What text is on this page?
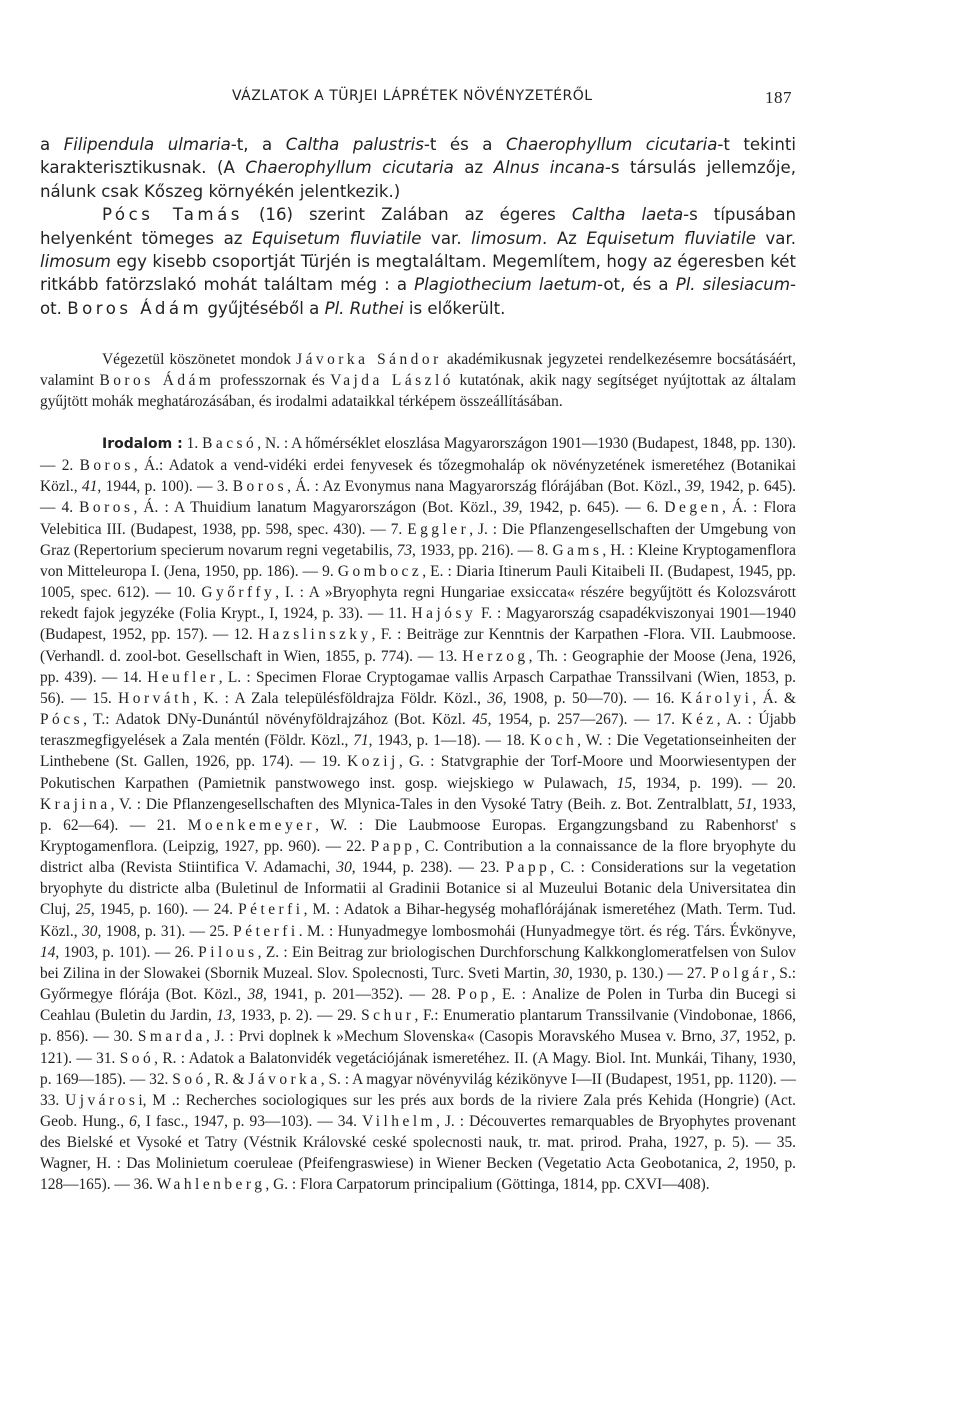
VÁZLATOK A TÜRJEI LÁPRÉTEK NÖVÉNYZETÉRŐL	187

a Filipendula ulmaria-t, a Caltha palustris-t és a Chaerophyllum cicutaria-t tekinti karakterisztikusnak. (A Chaerophyllum cicutaria az Alnus incana-s társulás jellemzője, nálunk csak Kőszeg környékén jelentkezik.)

Pócs Tamás (16) szerint Zalában az égeres Caltha laeta-s típusában helyenként tömeges az Equisetum fluviatile var. limosum. Az Equisetum fluviatile var. limosum egy kisebb csoportját Türjén is megtaláltam. Megemlítem, hogy az égeresben két ritkább fatörzslakó mohát találtam még : a Plagiothecium laetum-ot, és a Pl. silesiacum-ot. Boros Ádám gyűjtéséből a Pl. Ruthei is előkerült.

Végezetül köszönetet mondok Jávorka Sándor akadémikusnak jegyzetei rendelkezésemre bocsátásáért, valamint Boros Ádám professzornak és Vajda László kutatónak, akik nagy segítséget nyújtottak az általam gyűjtött mohák meghatározásában, és irodalmi adataikkal térképem összeállításában.

Irodalom : 1. Bacsó, N. : A hőmérséklet eloszlása Magyarországon 1901—1930 (Budapest, 1848, pp. 130). — 2. Boros, Á.: Adatok a vend-vidéki erdei fenyvesek és tőzegmohaláp ok növényzetének ismeretéhez (Botanikai Közl., 41, 1944, p. 100). — 3. Boros, Á. : Az Evonymus nana Magyarország flórájában (Bot. Közl., 39, 1942, p. 645). — 4. Boros, Á. : A Thuidium lanatum Magyarországon (Bot. Közl., 39, 1942, p. 645). — 6. Degen, Á. : Flora Velebitica III. (Budapest, 1938, pp. 598, spec. 430). — 7. Eggler, J. : Die Pflanzengesellschaften der Umgebung von Graz (Repertorium specierum novarum regni vegetabilis, 73, 1933, pp. 216). — 8. Gams, H. : Kleine Kryptogamenflora von Mitteleuropa I. (Jena, 1950, pp. 186). — 9. Gombocz, E. : Diaria Itinerum Pauli Kitaibeli II. (Budapest, 1945, pp. 1005, spec. 612). — 10. Győrffy, I. : A »Bryophyta regni Hungariae exsiccata« részére begyűjtött és Kolozsvárott rekedt fajok jegyzéke (Folia Krypt., I, 1924, p. 33). — 11. Hajósy F. : Magyarország csapadékviszonyai 1901—1940 (Budapest, 1952, pp. 157). — 12. Hazslinszky, F. : Beiträge zur Kenntnis der Karpathen -Flora. VII. Laubmoose. (Verhandl. d. zool-bot. Gesellschaft in Wien, 1855, p. 774). — 13. Herzog, Th. : Geographie der Moose (Jena, 1926, pp. 439). — 14. Heufler, L. : Specimen Florae Cryptogamae vallis Arpasch Carpathae Transsilvani (Wien, 1853, p. 56). — 15. Horváth, K. : A Zala településföldrajza Földr. Közl., 36, 1908, p. 50—70). — 16. Károlyi, Á. & Pócs, T.: Adatok DNy-Dunántúl növényföldrajzához (Bot. Közl. 45, 1954, p. 257—267). — 17. Kéz, A. : Újabb teraszmegfigyelések a Zala mentén (Földr. Közl., 71, 1943, p. 1—18). — 18. Koch, W. : Die Vegetationseinheiten der Linthebene (St. Gallen, 1926, pp. 174). — 19. Kozij, G. : Statvgraphie der Torf-Moore und Moorwiesentypen der Pokutischen Karpathen (Pamietnik panstwowego inst. gosp. wiejskiego w Pulawach, 15, 1934, p. 199). — 20. Krajina, V. : Die Pflanzengesellschaften des Mlynica-Tales in den Vysoké Tatry (Beih. z. Bot. Zentralblatt, 51, 1933, p. 62—64). — 21. Moenkemeyer, W. : Die Laubmoose Europas. Ergangzungsband zu Rabenhorst' s Kryptogamenflora. (Leipzig, 1927, pp. 960). — 22. Papp, C. Contribution a la connaissance de la flore bryophyte du district alba (Revista Stiintifica V. Adamachi, 30, 1944, p. 238). — 23. Papp, C. : Considerations sur la vegetation bryophyte du districte alba (Buletinul de Informatii al Gradinii Botanice si al Muzeului Botanic dela Universitatea din Cluj, 25, 1945, p. 160). — 24. Péterfi, M. : Adatok a Bihar-hegység mohaflórájának ismeretéhez (Math. Term. Tud. Közl., 30, 1908, p. 31). — 25. Péterfi. M. : Hunyadmegye lombosmohái (Hunyadmegye tört. és rég. Társ. Évkönyve, 14, 1903, p. 101). — 26. Pilous, Z. : Ein Beitrag zur briologischen Durchforschung Kalkkonglomeratfelsen von Sulov bei Zilina in der Slowakei (Sbornik Muzeal. Slov. Spolecnosti, Turc. Sveti Martin, 30, 1930, p. 130.) — 27. Polgár, S.: Győrmegye flórája (Bot. Közl., 38, 1941, p. 201—352). — 28. Pop, E. : Analize de Polen in Turba din Bucegi si Ceahlau (Buletin du Jardin, 13, 1933, p. 2). — 29. Schur, F.: Enumeratio plantarum Transsilvanie (Vindobonae, 1866, p. 856). — 30. Smarda, J. : Prvi doplnek k »Mechum Slovenska« (Casopis Moravského Musea v. Brno, 37, 1952, p. 121). — 31. Soó, R. : Adatok a Balatonvidék vegetációjának ismeretéhez. II. (A Magy. Biol. Int. Munkái, Tihany, 1930, p. 169—185). — 32. Soó, R. & Jávorka, S. : A magyar növényvilág kézikönyve I—II (Budapest, 1951, pp. 1120). — 33. Ujvárosi, M .: Recherches sociologiques sur les prés aux bords de la riviere Zala prés Kehida (Hongrie) (Act. Geob. Hung., 6, I fasc., 1947, p. 93—103). — 34. Vilhelm, J. : Découvertes remarquables de Bryophytes provenant des Bielské et Vysoké et Tatry (Véstnik Královské ceské spolecnosti nauk, tr. mat. prirod. Praha, 1927, p. 5). — 35. Wagner, H. : Das Molinietum coeruleae (Pfeifengraswiese) in Wiener Becken (Vegetatio Acta Geobotanica, 2, 1950, p. 128—165). — 36. Wahlenberg, G. : Flora Carpatorum principalium (Göttinga, 1814, pp. CXVI—408).
